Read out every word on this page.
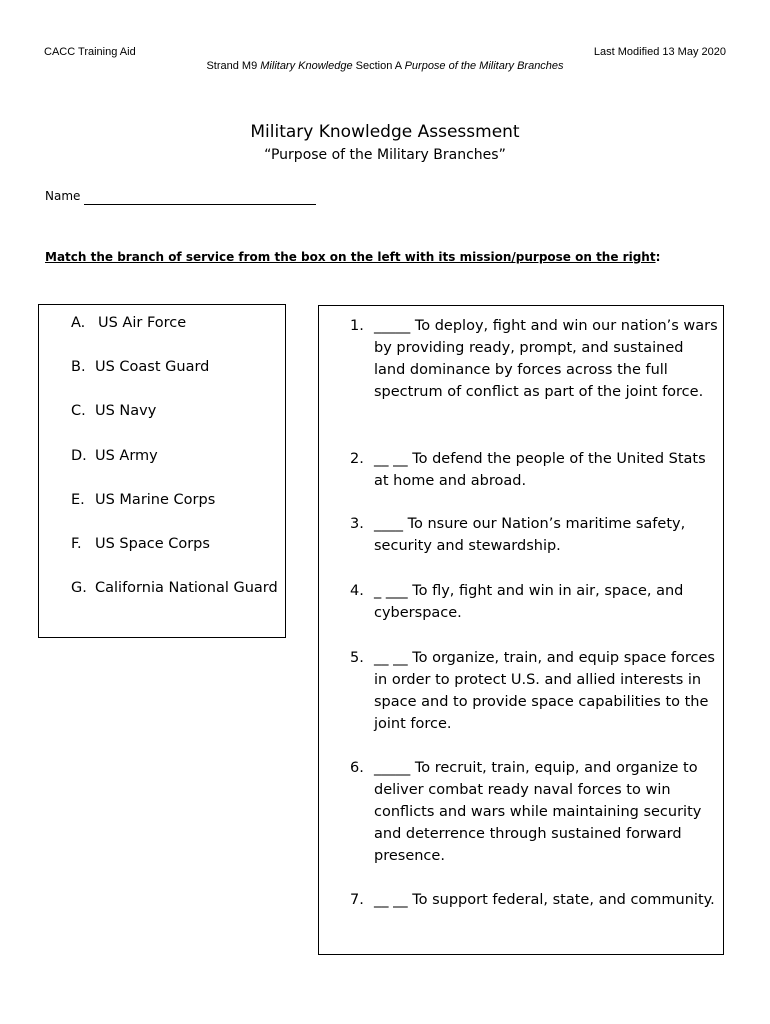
CACC Training Aid	Last Modified 13 May 2020
Strand M9 Military Knowledge Section A Purpose of the Military Branches
Military Knowledge Assessment
“Purpose of the Military Branches”
Name
Match the branch of service from the box on the left with its mission/purpose on the right:
A. US Air Force
B. US Coast Guard
C. US Navy
D. US Army
E. US Marine Corps
F. US Space Corps
G. California National Guard
1. _____ To deploy, fight and win our nation’s wars by providing ready, prompt, and sustained land dominance by forces across the full spectrum of conflict as part of the joint force.
2. __ __ To defend the people of the United Stats at home and abroad.
3. ____ To nsure our Nation’s maritime safety, security and stewardship.
4. _ ___ To fly, fight and win in air, space, and cyberspace.
5. __ __ To organize, train, and equip space forces in order to protect U.S. and allied interests in space and to provide space capabilities to the joint force.
6. _____ To recruit, train, equip, and organize to deliver combat ready naval forces to win conflicts and wars while maintaining security and deterrence through sustained forward presence.
7. __ __ To support federal, state, and community.
